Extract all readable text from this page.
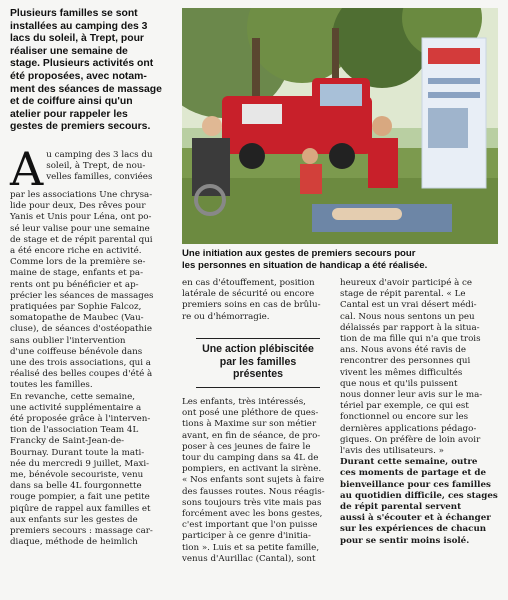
Plusieurs familles se sont
installées au camping des 3
lacs du soleil, à Trept, pour
réaliser une semaine de
stage. Plusieurs activités ont
été proposées, avec notam-
ment des séances de massage
et de coiffure ainsi qu'un
atelier pour rappeler les
gestes de premiers secours.
A u camping des 3 lacs du
soleil, à Trept, de nou-
velles familles, conviées
par les associations Une chrysa-
lide pour deux, Des rêves pour
Yanis et Unis pour Léna, ont po-
sé leur valise pour une semaine
de stage et de répit parental qui
a été encore riche en activité.
Comme lors de la première se-
maine de stage, enfants et pa-
rents ont pu bénéficier et ap-
précier les séances de massages
pratiquées par Sophie Falcoz,
somatopathe de Maubec (Vau-
cluse), de séances d'ostéopathie
sans oublier l'intervention
d'une coiffeuse bénévole dans
une des trois associations, qui a
réalisé des belles coupes d'été à
toutes les familles.
En revanche, cette semaine,
une activité supplémentaire a
été proposée grâce à l'interven-
tion de l'association Team 4L
Francky de Saint-Jean-de-
Bournay. Durant toute la mati-
née du mercredi 9 juillet, Maxi-
me, bénévole secouriste, venu
dans sa belle 4L fourgonnette
rouge pompier, a fait une petite
piqûre de rappel aux familles et
aux enfants sur les gestes de
premiers secours : massage car-
diaque, méthode de heimlich
Une initiation aux gestes de premiers secours pour
les personnes en situation de handicap a été réalisée.
en cas d'étouffement, position
latérale de sécurité ou encore
premiers soins en cas de brûlu-
re ou d'hémorragie.
Une action plébiscitée
par les familles
présentes
Les enfants, très intéressés,
ont posé une pléthore de ques-
tions à Maxime sur son métier
avant, en fin de séance, de pro-
poser à ces jeunes de faire le
tour du camping dans sa 4L de
pompiers, en activant la sirène.
« Nos enfants sont sujets à faire
des fausses routes. Nous réagis-
sons toujours très vite mais pas
forcément avec les bons gestes,
c'est important que l'on puisse
participer à ce genre d'initia-
tion ». Luis et sa petite famille,
venus d'Aurillac (Cantal), sont
heureux d'avoir participé à ce
stage de répit parental. « Le
Cantal est un vrai désert médi-
cal. Nous nous sentons un peu
délaissés par rapport à la situa-
tion de ma fille qui n'a que trois
ans. Nous avons été ravis de
rencontrer des personnes qui
vivent les mêmes difficultés
que nous et qu'ils puissent
nous donner leur avis sur le ma-
tériel par exemple, ce qui est
fonctionnel ou encore sur les
dernières applications pédago-
giques. On préfère de loin avoir
l'avis des utilisateurs. »
Durant cette semaine, outre
ces moments de partage et de
bienveillance pour ces familles
au quotidien difficile, ces stages
de répit parental servent
aussi à s'écouter et à échanger
sur les expériences de chacun
pour se sentir moins isolé.
